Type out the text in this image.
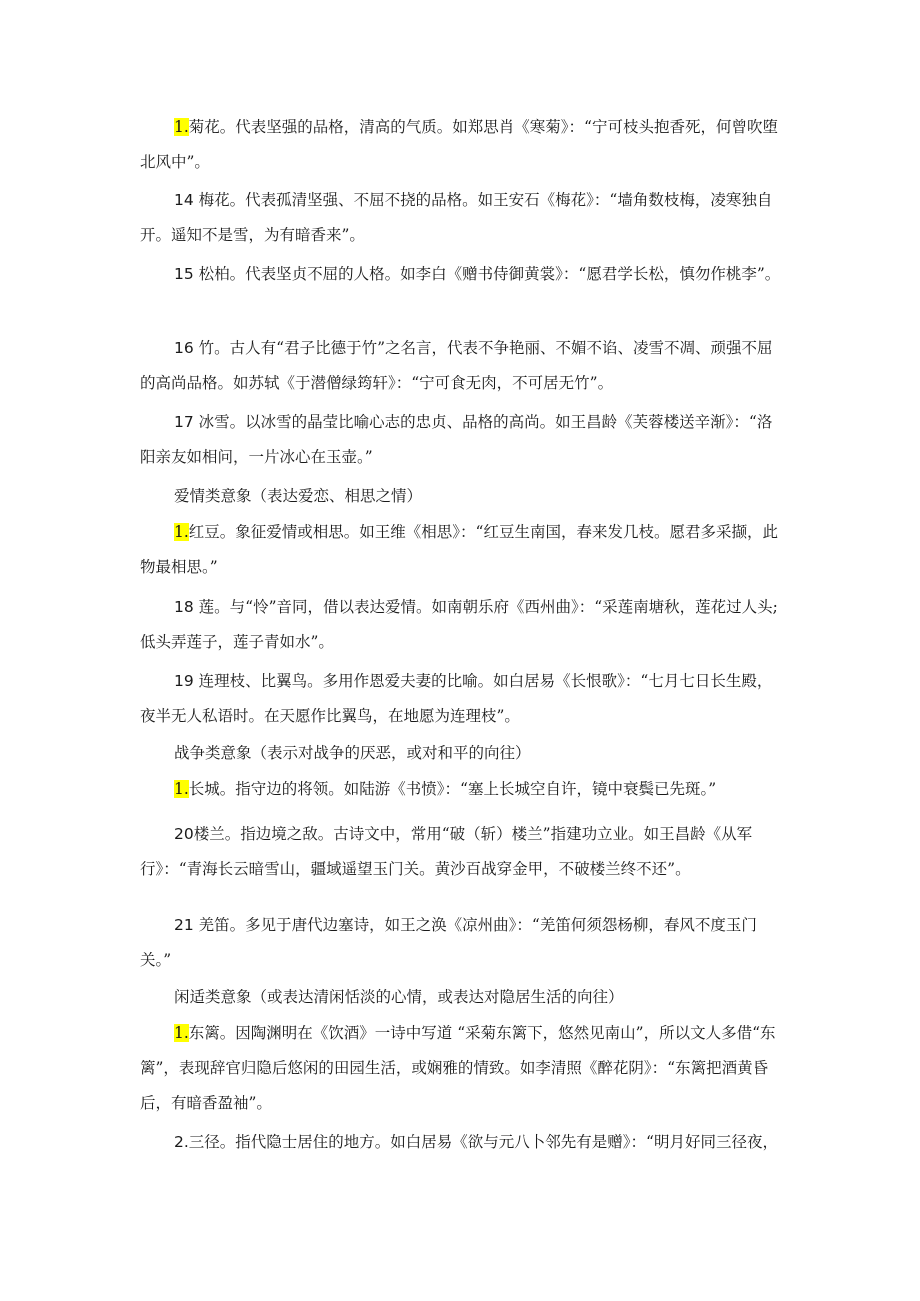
1.菊花。代表坚强的品格，清高的气质。如郑思肖《寒菊》：“宁可枝头抱香死，何曾吹堕北风中”。

14 梅花。代表孤清坚强、不屈不挠的品格。如王安石《梅花》：“墙角数枝梅，凌寒独自开。遥知不是雪，为有暗香来”。

15 松柏。代表坚贞不屈的人格。如李白《赠书侍御黄裳》：“愿君学长松，慎勿作桃李”。

16 竹。古人有“君子比德于竹”之名言，代表不争艳丽、不媚不谄、凌雪不凋、顽强不屈的高尚品格。如苏轼《于潜僧绿筠轩》：“宁可食无肉，不可居无竹”。

17 冰雪。以冰雪的晶莹比喻心志的忠贞、品格的高尚。如王昌龄《芙蓉楼送辛渐》：“洛阳亲友如相问，一片冰心在玉壶。”

爱情类意象（表达爱恋、相思之情）

1.红豆。象征爱情或相思。如王维《相思》：“红豆生南国，春来发几枝。愿君多采撷，此物最相思。”

18 莲。与“怜”音同，借以表达爱情。如南朝乐府《西州曲》：“采莲南塘秋，莲花过人头;低头弄莲子，莲子青如水”。

19 连理枝、比翼鸟。多用作恩爱夫妻的比喻。如白居易《长恨歌》：“七月七日长生殿，夜半无人私语时。在天愿作比翼鸟，在地愿为连理枝”。

战争类意象（表示对战争的厌恶，或对和平的向往）

1.长城。指守边的将领。如陆游《书愤》：“塞上长城空自许，镜中衰鬓已先斑。”

20楼兰。指边境之敌。古诗文中，常用“破（斩）楼兰”指建功立业。如王昌龄《从军行》：“青海长云暗雪山，疆域遥望玉门关。黄沙百战穿金甲，不破楼兰终不还”。

21 羌笛。多见于唐代边塞诗，如王之涣《凉州曲》：“羌笛何须怨杨柳，春风不度玉门关。”

闲适类意象（或表达清闲恬淡的心情，或表达对隐居生活的向往）

1.东篱。因陶渊明在《饮酒》一诗中写道 “采菊东篱下，悠然见南山”，所以文人多借“东篱”，表现辞官归隐后悠闲的田园生活，或娴雅的情致。如李清照《醉花阴》：“东篱把酒黄昏后，有暗香盈袖”。

2.三径。指代隐士居住的地方。如白居易《欲与元八卜邻先有是赠》：“明月好同三径夜，
